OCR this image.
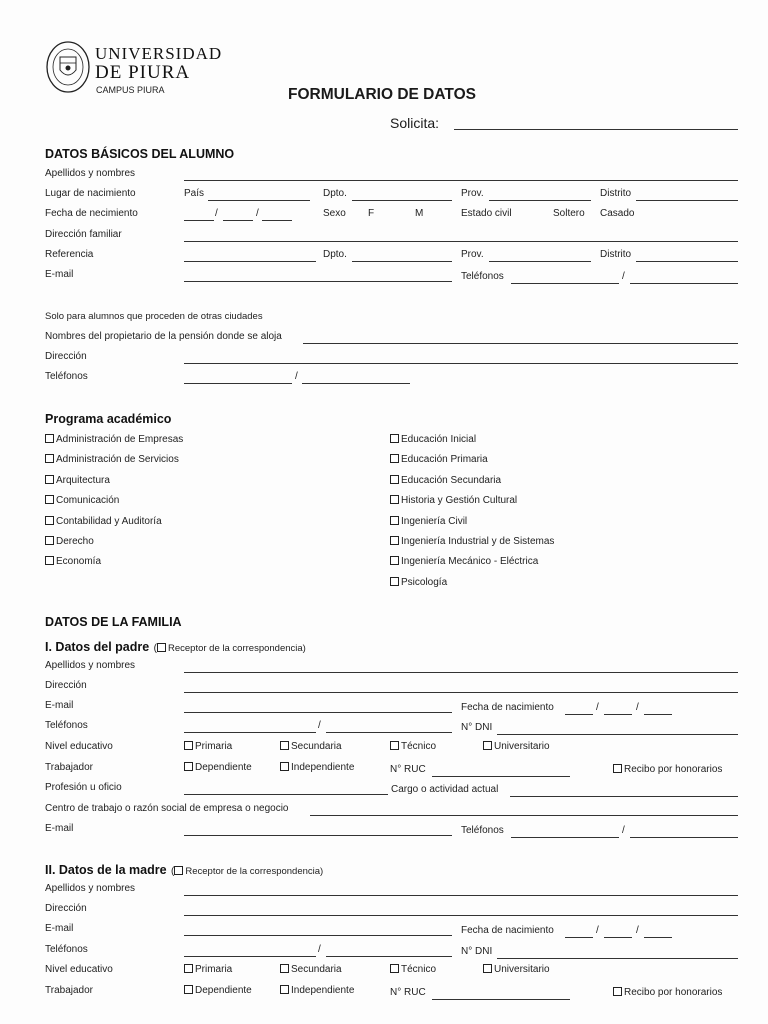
UNIVERSIDAD
DE PIURA
CAMPUS PIURA	FORMULARIO DE DATOS
Solicita:
DATOS BÁSICOS DEL ALUMNO
Apellidos y nombres
Lugar de nacimiento	País	Dpto.	Prov.	Distrito
Fecha de necimiento	/	/	Sexo F	M	Estado civil	Soltero Casado
Dirección familiar
Referencia	Dpto.	Prov.	Distrito
E-mail	Teléfonos	/
Solo para alumnos que proceden de otras ciudades
Nombres del propietario de la pensión donde se aloja
Dirección
Teléfonos	/
Programa académico
Administración de Empresas
Administración de Servicios
Arquitectura
Comunicación
Contabilidad y Auditoría
Derecho
Economía
Educación Inicial
Educación Primaria
Educación Secundaria
Historia y Gestión Cultural
Ingeniería Civil
Ingeniería Industrial y de Sistemas
Ingeniería Mecánico - Eléctrica
Psicología
DATOS DE LA FAMILIA
I. Datos del padre ( Receptor de la correspondencia)
Apellidos y nombres
Dirección
E-mail	Fecha de nacimiento	/	/
Teléfonos	/	N° DNI
Nivel educativo	Primaria	Secundaria	Técnico	Universitario
Trabajador	Dependiente	Independiente	N° RUC	Recibo por honorarios
Profesión u oficio	Cargo o actividad actual
Centro de trabajo o razón social de empresa o negocio
E-mail	Teléfonos	/
II. Datos de la madre ( Receptor de la correspondencia)
Apellidos y nombres
Dirección
E-mail	Fecha de nacimiento	/	/
Teléfonos	/	N° DNI
Nivel educativo	Primaria	Secundaria	Técnico	Universitario
Trabajador	Dependiente	Independiente	N° RUC	Recibo por honorarios
